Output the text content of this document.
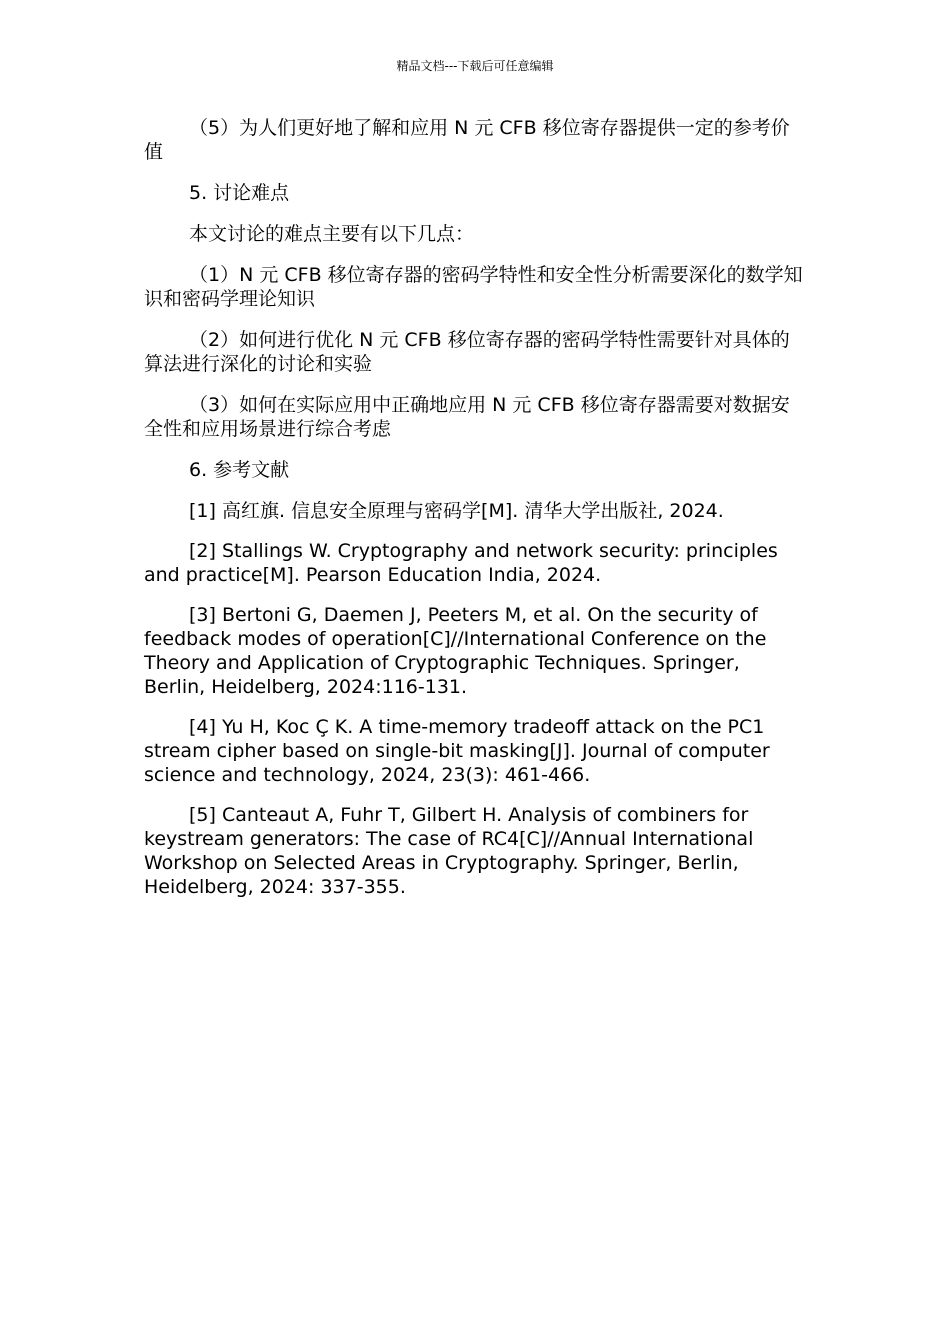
精品文档---下载后可任意编辑

（5）为人们更好地了解和应用 N 元 CFB 移位寄存器提供一定的参考价值

5. 讨论难点

本文讨论的难点主要有以下几点：

（1）N 元 CFB 移位寄存器的密码学特性和安全性分析需要深化的数学知识和密码学理论知识

（2）如何进行优化 N 元 CFB 移位寄存器的密码学特性需要针对具体的算法进行深化的讨论和实验

（3）如何在实际应用中正确地应用 N 元 CFB 移位寄存器需要对数据安全性和应用场景进行综合考虑

6. 参考文献

[1] 高红旗. 信息安全原理与密码学[M]. 清华大学出版社, 2024.

[2] Stallings W. Cryptography and network security: principles and practice[M]. Pearson Education India, 2024.

[3] Bertoni G, Daemen J, Peeters M, et al. On the security of feedback modes of operation[C]//International Conference on the Theory and Application of Cryptographic Techniques. Springer, Berlin, Heidelberg, 2024:116-131.

[4] Yu H, Koc Ç K. A time-memory tradeoff attack on the PC1 stream cipher based on single-bit masking[J]. Journal of computer science and technology, 2024, 23(3): 461-466.

[5] Canteaut A, Fuhr T, Gilbert H. Analysis of combiners for keystream generators: The case of RC4[C]//Annual International Workshop on Selected Areas in Cryptography. Springer, Berlin, Heidelberg, 2024: 337-355.
